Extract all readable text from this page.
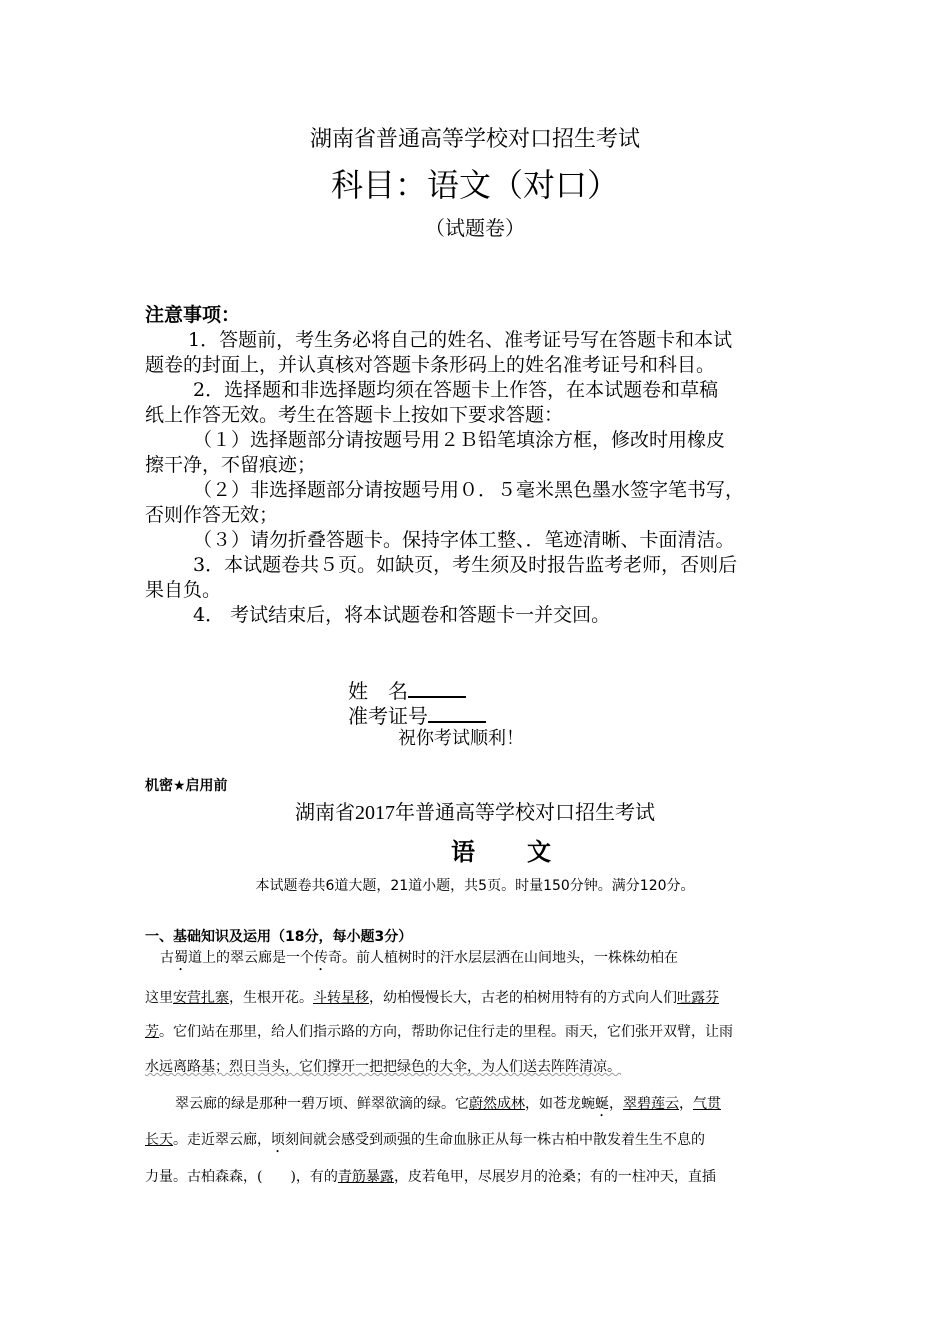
湖南省普通高等学校对口招生考试
科目：语文（对口）
（试题卷）
注意事项：
1．答题前，考生务必将自己的姓名、准考证号写在答题卡和本试
题卷的封面上，并认真核对答题卡条形码上的姓名准考证号和科目。
2．选择题和非选择题均须在答题卡上作答，在本试题卷和草稿
纸上作答无效。考生在答题卡上按如下要求答题：
（１）选择题部分请按题号用２Ｂ铅笔填涂方框，修改时用橡皮
擦干净，不留痕迹；
（２）非选择题部分请按题号用０．５毫米黑色墨水签字笔书写，
否则作答无效；
（３）请勿折叠答题卡。保持字体工整、．笔迹清晰、卡面清洁。
3．本试题卷共５页。如缺页，考生须及时报告监考老师，否则后
果自负。
4． 考试结束后，将本试题卷和答题卡一并交回。
姓　名
准考证号
祝你考试顺利！
机密★启用前
湖南省2017年普通高等学校对口招生考试
语文
本试题卷共6道大题，21道小题，共5页。时量150分钟。满分120分。
一、基础知识及运用（18分，每小题3分）
古蜀道上的翠云廊是一个传奇。前人植树时的汗水层层洒在山间地头，一株株幼柏在
这里安营扎寨，生根开花。斗转星移，幼柏慢慢长大，古老的柏树用特有的方式向人们吐露芬
芳。它们站在那里，给人们指示路的方向，帮助你记住行走的里程。雨天，它们张开双臂，让雨
水远离路基；烈日当头，它们撑开一把把绿色的大伞，为人们送去阵阵清凉。
翠云廊的绿是那种一碧万顷、鲜翠欲滴的绿。它蔚然成林，如苍龙蜿蜒，翠碧莲云，气贯
长天。走近翠云廊，顷刻间就会感受到顽强的生命血脉正从每一株古柏中散发着生生不息的
力量。古柏森森，(　　)，有的青筋暴露，皮若龟甲，尽展岁月的沧桑；有的一柱冲天，直插
